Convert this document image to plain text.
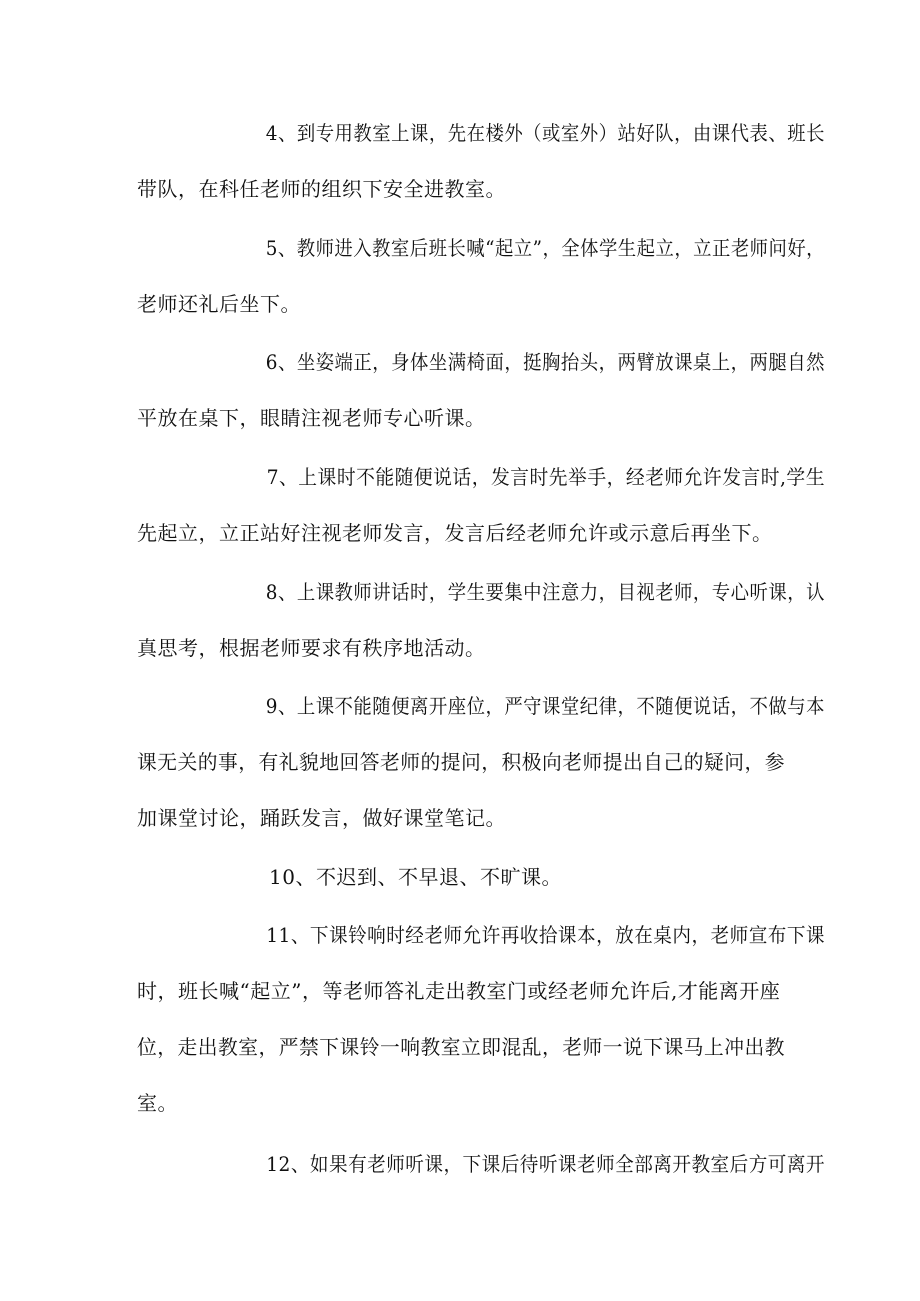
4、到专用教室上课，先在楼外（或室外）站好队，由课代表、班长
带队，在科任老师的组织下安全进教室。

5、教师进入教室后班长喊“起立”，全体学生起立，立正老师问好，
老师还礼后坐下。

6、坐姿端正，身体坐满椅面，挺胸抬头，两臂放课桌上，两腿自然
平放在桌下，眼睛注视老师专心听课。

7、上课时不能随便说话，发言时先举手，经老师允许发言时,学生
先起立，立正站好注视老师发言，发言后经老师允许或示意后再坐下。

8、上课教师讲话时，学生要集中注意力，目视老师，专心听课，认
真思考，根据老师要求有秩序地活动。

9、上课不能随便离开座位，严守课堂纪律，不随便说话，不做与本
课无关的事，有礼貌地回答老师的提问，积极向老师提出自己的疑问，参
加课堂讨论，踊跃发言，做好课堂笔记。

10、不迟到、不早退、不旷课。

11、下课铃响时经老师允许再收拾课本，放在桌内，老师宣布下课
时，班长喊“起立”，等老师答礼走出教室门或经老师允许后,才能离开座
位，走出教室，严禁下课铃一响教室立即混乱，老师一说下课马上冲出教
室。

12、如果有老师听课，下课后待听课老师全部离开教室后方可离开
